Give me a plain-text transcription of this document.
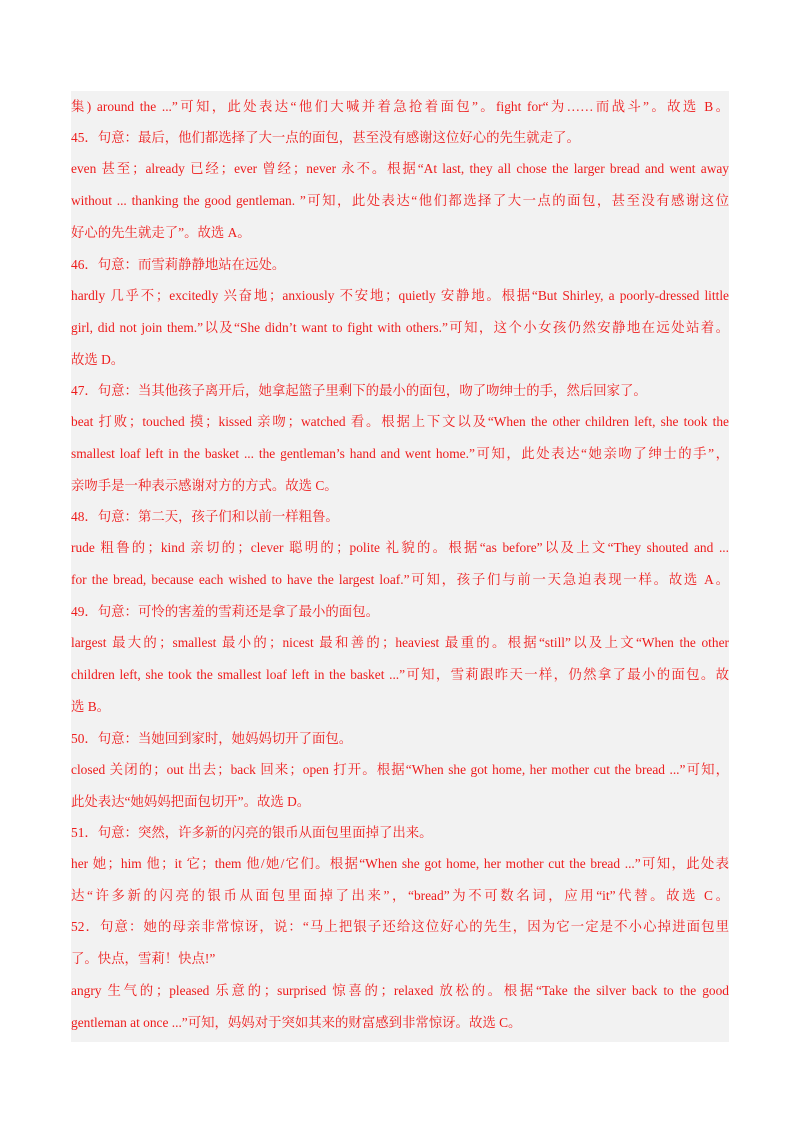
集) around the ...”可知，此处表达“他们大喊并着急抢着面包”。fight for“为……而战斗”。故选 B。
45．句意：最后，他们都选择了大一点的面包，甚至没有感谢这位好心的先生就走了。
even 甚至；already 已经；ever 曾经；never 永不。根据“At last, they all chose the larger bread and went away
without ... thanking the good gentleman. ”可知，此处表达“他们都选择了大一点的面包，甚至没有感谢这位
好心的先生就走了”。故选 A。
46．句意：而雪莉静静地站在远处。
hardly 几乎不；excitedly 兴奋地；anxiously 不安地；quietly 安静地。根据“But Shirley, a poorly-dressed little
girl, did not join them.”以及“She didn’t want to fight with others.”可知，这个小女孩仍然安静地在远处站着。
故选 D。
47．句意：当其他孩子离开后，她拿起篮子里剩下的最小的面包，吻了吻绅士的手，然后回家了。
beat 打败；touched 摸；kissed 亲吻；watched 看。根据上下文以及“When the other children left, she took the
smallest loaf left in the basket ... the gentleman’s hand and went home.”可知，此处表达“她亲吻了绅士的手”，
亲吻手是一种表示感谢对方的方式。故选 C。
48．句意：第二天，孩子们和以前一样粗鲁。
rude 粗鲁的；kind 亲切的；clever 聪明的；polite 礼貌的。根据“as before”以及上文“They shouted and ...
for the bread, because each wished to have the largest loaf.”可知，孩子们与前一天急迫表现一样。故选 A。
49．句意：可怜的害羞的雪莉还是拿了最小的面包。
largest 最大的；smallest 最小的；nicest 最和善的；heaviest 最重的。根据“still”以及上文“When the other
children left, she took the smallest loaf left in the basket ...”可知，雪莉跟昨天一样，仍然拿了最小的面包。故
选 B。
50．句意：当她回到家时，她妈妈切开了面包。
closed 关闭的；out 出去；back 回来；open 打开。根据“When she got home, her mother cut the bread ...”可知，
此处表达“她妈妈把面包切开”。故选 D。
51．句意：突然，许多新的闪亮的银币从面包里面掉了出来。
her 她；him 他；it 它；them 他/她/它们。根据“When she got home, her mother cut the bread ...”可知，此处表
达“许多新的闪亮的银币从面包里面掉了出来”，“bread”为不可数名词，应用“it”代替。故选 C。
52．句意：她的母亲非常惊讶，说：“马上把银子还给这位好心的先生，因为它一定是不小心掉进面包里
了。快点，雪莉！快点!”
angry 生气的；pleased 乐意的；surprised 惊喜的；relaxed 放松的。根据“Take the silver back to the good
gentleman at once ...”可知，妈妈对于突如其来的财富感到非常惊讶。故选 C。
